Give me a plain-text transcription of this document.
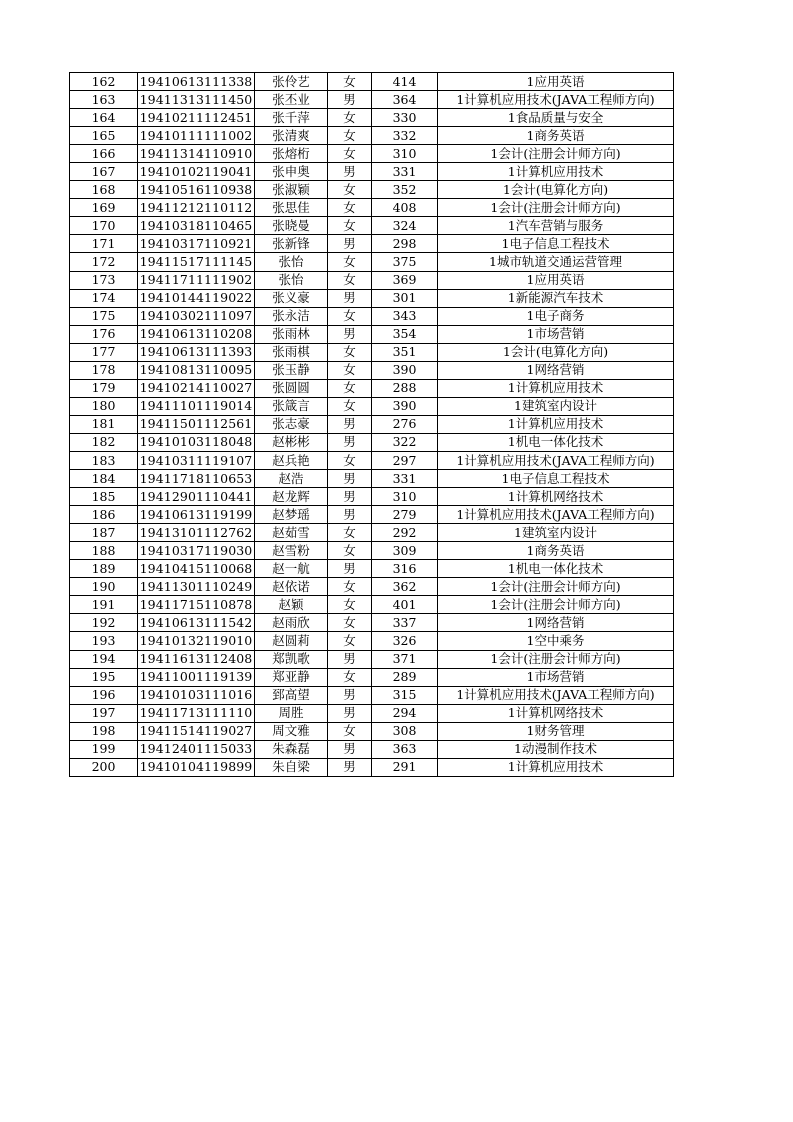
162	19410613111338	张伶艺	女	414	1应用英语
163	19411313111450	张丕业	男	364	1计算机应用技术(JAVA工程师方向)
164	19410211112451	张千萍	女	330	1食品质量与安全
165	19410111111002	张清爽	女	332	1商务英语
166	19411314110910	张熔桁	女	310	1会计(注册会计师方向)
167	19410102119041	张申奥	男	331	1计算机应用技术
168	19410516110938	张淑颖	女	352	1会计(电算化方向)
169	19411212110112	张思佳	女	408	1会计(注册会计师方向)
170	19410318110465	张晓曼	女	324	1汽车营销与服务
171	19410317110921	张新锋	男	298	1电子信息工程技术
172	19411517111145	张怡	女	375	1城市轨道交通运营管理
173	19411711111902	张怡	女	369	1应用英语
174	19410144119022	张义豪	男	301	1新能源汽车技术
175	19410302111097	张永洁	女	343	1电子商务
176	19410613110208	张雨林	男	354	1市场营销
177	19410613111393	张雨棋	女	351	1会计(电算化方向)
178	19410813110095	张玉静	女	390	1网络营销
179	19410214110027	张圆圆	女	288	1计算机应用技术
180	19411101119014	张箴言	女	390	1建筑室内设计
181	19411501112561	张志豪	男	276	1计算机应用技术
182	19410103118048	赵彬彬	男	322	1机电一体化技术
183	19410311119107	赵兵艳	女	297	1计算机应用技术(JAVA工程师方向)
184	19411718110653	赵浩	男	331	1电子信息工程技术
185	19412901110441	赵龙辉	男	310	1计算机网络技术
186	19410613119199	赵梦瑶	男	279	1计算机应用技术(JAVA工程师方向)
187	19413101112762	赵茹雪	女	292	1建筑室内设计
188	19410317119030	赵雪粉	女	309	1商务英语
189	19410415110068	赵一航	男	316	1机电一体化技术
190	19411301110249	赵依诺	女	362	1会计(注册会计师方向)
191	19411715110878	赵颖	女	401	1会计(注册会计师方向)
192	19410613111542	赵雨欣	女	337	1网络营销
193	19410132119010	赵圆莉	女	326	1空中乘务
194	19411613112408	郑凯歌	男	371	1会计(注册会计师方向)
195	19411001119139	郑亚静	女	289	1市场营销
196	19410103111016	郅高望	男	315	1计算机应用技术(JAVA工程师方向)
197	19411713111110	周胜	男	294	1计算机网络技术
198	19411514119027	周文雅	女	308	1财务管理
199	19412401115033	朱森磊	男	363	1动漫制作技术
200	19410104119899	朱自梁	男	291	1计算机应用技术
